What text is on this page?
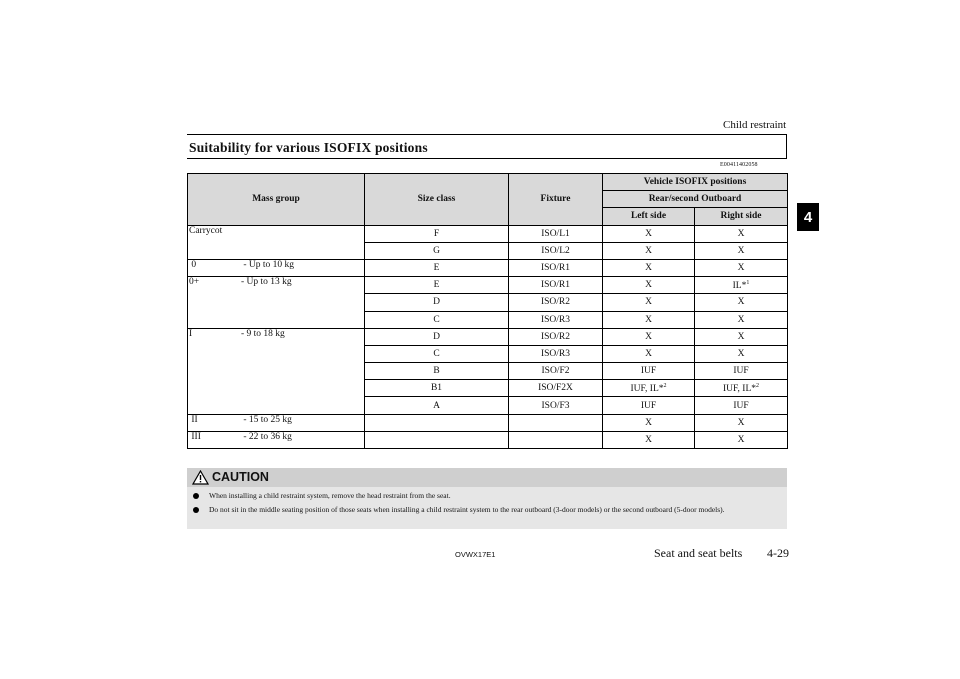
Child restraint
4
Suitability for various ISOFIX positions
E00411402058
Mass group	Size class	Fixture	Vehicle ISOFIX positions	
			Rear/second Outboard	
			Left side	Right side
Carrycot	F	ISO/L1	X	X
	G	ISO/L2	X	X
0 - Up to 10 kg	E	ISO/R1	X	X
0+ - Up to 13 kg	E	ISO/R1	X	IL*$^1$
	D	ISO/R2	X	X
	C	ISO/R3	X	X
I - 9 to 18 kg	D	ISO/R2	X	X
	C	ISO/R3	X	X
	B	ISO/F2	IUF	IUF
	B1	ISO/F2X	IUF, IL*$^2$	IUF, IL*$^2$
	A	ISO/F3	IUF	IUF
II - 15 to 25 kg			X	X
III - 22 to 36 kg			X	X
CAUTION
When installing a child restraint system, remove the head restraint from the seat.
Do not sit in the middle seating position of those seats when installing a child restraint system to the rear outboard (3-door models) or the second outboard (5-door models).
OVWX17E1	Seat and seat belts 4-29
